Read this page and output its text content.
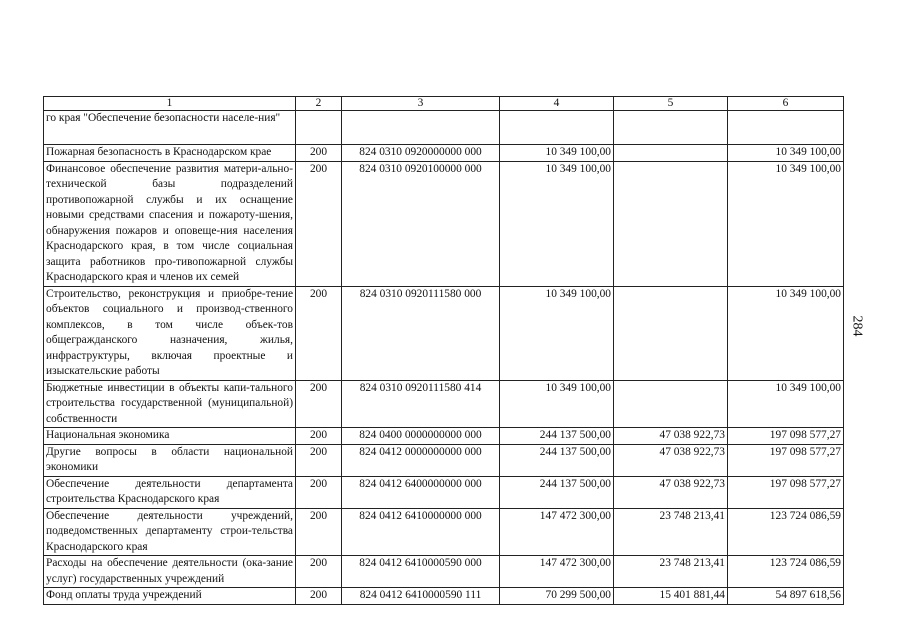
1	2	3	4	5	6
го края "Обеспечение безопасности населе-ния"					
Пожарная безопасность в Краснодарском крае	200	824 0310 0920000000 000	10 349 100,00		10 349 100,00
Финансовое обеспечение развития матери-ально-технической базы подразделений противопожарной службы и их оснащение новыми средствами спасения и пожароту-шения, обнаружения пожаров и оповеще-ния населения Краснодарского края, в том числе социальная защита работников про-тивопожарной службы Краснодарского края и членов их семей	200	824 0310 0920100000 000	10 349 100,00		10 349 100,00
Строительство, реконструкция и приобре-тение объектов социального и производ-ственного комплексов, в том числе объек-тов общегражданского назначения, жилья, инфраструктуры, включая проектные и изыскательские работы	200	824 0310 0920111580 000	10 349 100,00		10 349 100,00
Бюджетные инвестиции в объекты капи-тального строительства государственной (муниципальной) собственности	200	824 0310 0920111580 414	10 349 100,00		10 349 100,00
Национальная экономика	200	824 0400 0000000000 000	244 137 500,00	47 038 922,73	197 098 577,27
Другие вопросы в области национальной экономики	200	824 0412 0000000000 000	244 137 500,00	47 038 922,73	197 098 577,27
Обеспечение деятельности департамента строительства Краснодарского края	200	824 0412 6400000000 000	244 137 500,00	47 038 922,73	197 098 577,27
Обеспечение деятельности учреждений, подведомственных департаменту строи-тельства Краснодарского края	200	824 0412 6410000000 000	147 472 300,00	23 748 213,41	123 724 086,59
Расходы на обеспечение деятельности (ока-зание услуг) государственных учреждений	200	824 0412 6410000590 000	147 472 300,00	23 748 213,41	123 724 086,59
Фонд оплаты труда учреждений	200	824 0412 6410000590 111	70 299 500,00	15 401 881,44	54 897 618,56
284
